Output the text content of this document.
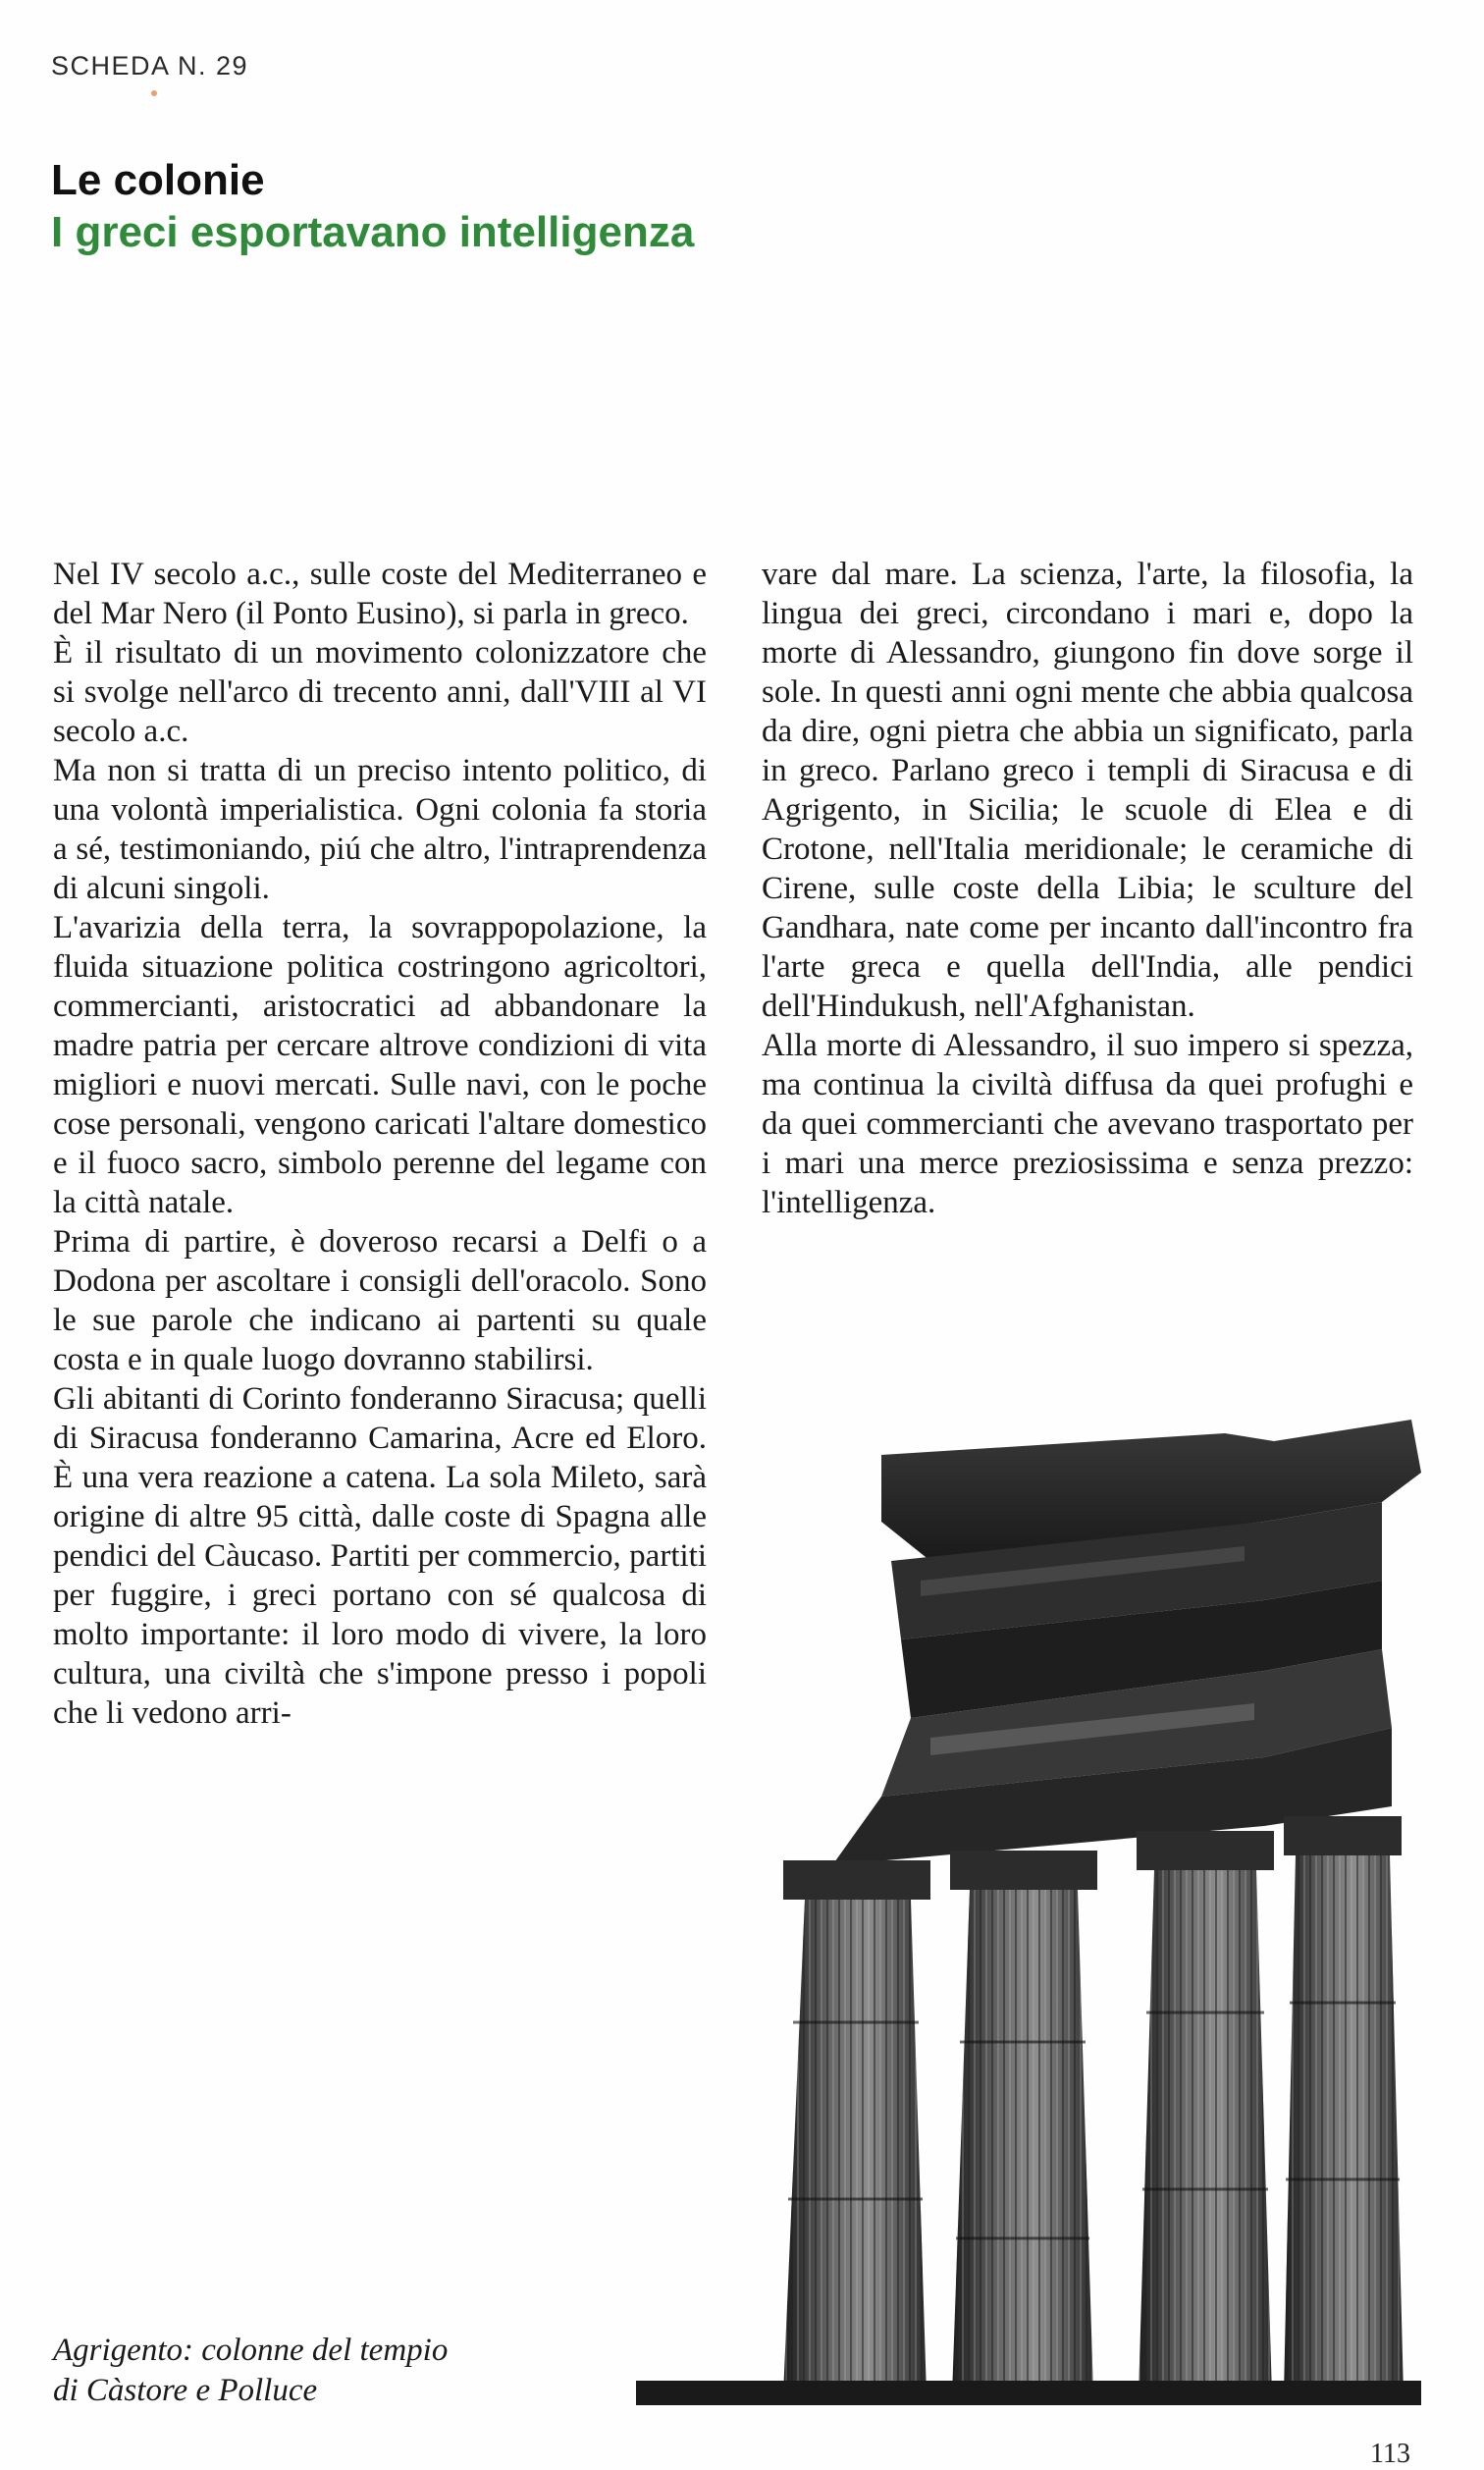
SCHEDA N. 29
Le colonie
I greci esportavano intelligenza

Nel IV secolo a.c., sulle coste del Mediterraneo e del Mar Nero (il Ponto Eusino), si parla in greco.

È il risultato di un movimento colonizzatore che si svolge nell'arco di trecento anni, dall'VIII al VI secolo a.c.

Ma non si tratta di un preciso intento politico, di una volontà imperialistica. Ogni colonia fa storia a sé, testimoniando, piú che altro, l'intraprendenza di alcuni singoli.

L'avarizia della terra, la sovrappopolazione, la fluida situazione politica costringono agricoltori, commercianti, aristocratici ad abbandonare la madre patria per cercare altrove condizioni di vita migliori e nuovi mercati. Sulle navi, con le poche cose personali, vengono caricati l'altare domestico e il fuoco sacro, simbolo perenne del legame con la città natale.

Prima di partire, è doveroso recarsi a Delfi o a Dodona per ascoltare i consigli dell'oracolo. Sono le sue parole che indicano ai partenti su quale costa e in quale luogo dovranno stabilirsi.

Gli abitanti di Corinto fonderanno Siracusa; quelli di Siracusa fonderanno Camarina, Acre ed Eloro. È una vera reazione a catena. La sola Mileto, sarà origine di altre 95 città, dalle coste di Spagna alle pendici del Càucaso. Partiti per commercio, partiti per fuggire, i greci portano con sé qualcosa di molto importante: il loro modo di vivere, la loro cultura, una civiltà che s'impone presso i popoli che li vedono arri-

vare dal mare. La scienza, l'arte, la filosofia, la lingua dei greci, circondano i mari e, dopo la morte di Alessandro, giungono fin dove sorge il sole. In questi anni ogni mente che abbia qualcosa da dire, ogni pietra che abbia un significato, parla in greco. Parlano greco i templi di Siracusa e di Agrigento, in Sicilia; le scuole di Elea e di Crotone, nell'Italia meridionale; le ceramiche di Cirene, sulle coste della Libia; le sculture del Gandhara, nate come per incanto dall'incontro fra l'arte greca e quella dell'India, alle pendici dell'Hindukush, nell'Afghanistan.

Alla morte di Alessandro, il suo impero si spezza, ma continua la civiltà diffusa da quei profughi e da quei commercianti che avevano trasportato per i mari una merce preziosissima e senza prezzo: l'intelligenza.

Agrigento: colonne del tempio
di Càstore e Polluce
113
